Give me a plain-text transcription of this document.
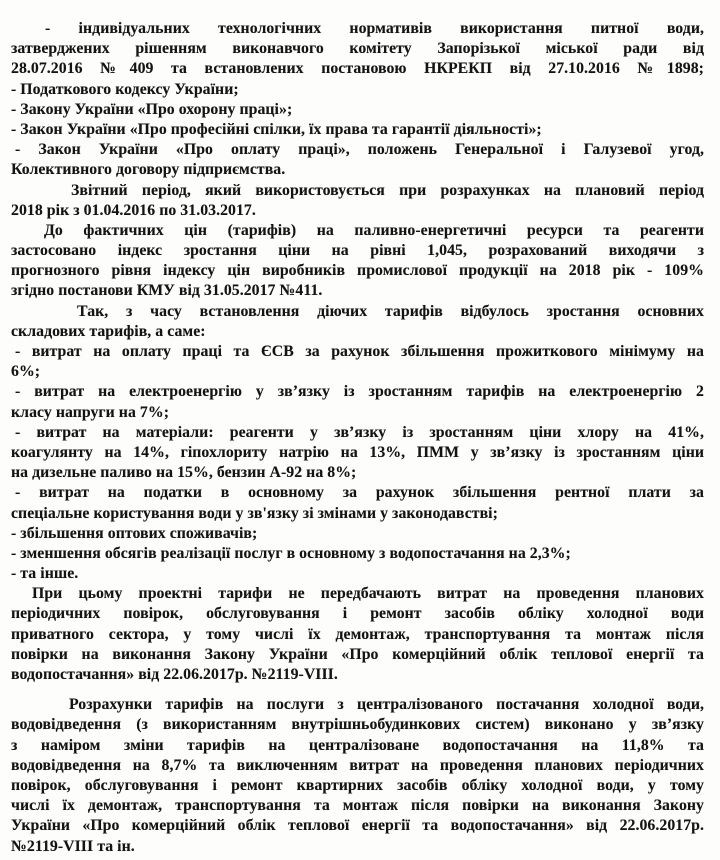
- індивідуальних технологічних нормативів використання питної води,
затверджених рішенням виконавчого комітету Запорізької міської ради від
28.07.2016 №409 та встановлених постановою НКРЕКП від 27.10.2016 №1898;
- Податкового кодексу України;
- Закону України «Про охорону праці»;
- Закон України «Про професійні спілки, їх права та гарантії діяльності»;
- Закон України «Про оплату праці», положень Генеральної і Галузевої угод,
Колективного договору підприємства.
Звітний період, який використовується при розрахунках на плановий період
2018 рік з 01.04.2016 по 31.03.2017.
До фактичних цін (тарифів) на паливно-енергетичні ресурси та реагенти
застосовано індекс зростання ціни на рівні 1,045, розрахований виходячи з
прогнозного рівня індексу цін виробників промислової продукції на 2018 рік - 109%
згідно постанови КМУ від 31.05.2017 №411.
Так, з часу встановлення діючих тарифів відбулось зростання основних
складових тарифів, а саме:
- витрат на оплату праці та ЄСВ за рахунок збільшення прожиткового мінімуму на
6%;
- витрат на електроенергію у зв’язку із зростанням тарифів на електроенергію 2
класу напруги на 7%;
- витрат на матеріали: реагенти у зв’язку із зростанням ціни хлору на 41%,
коагулянту на 14%, гіпохлориту натрію на 13%, ПММ у зв’язку із зростанням ціни
на дизельне паливо на 15%, бензин А-92 на 8%;
- витрат на податки в основному за рахунок збільшення рентної плати за
спеціальне користування води у зв'язку зі змінами у законодавстві;
- збільшення оптових споживачів;
- зменшення обсягів реалізації послуг в основному з водопостачання на 2,3%;
- та інше.
При цьому проектні тарифи не передбачають витрат на проведення планових
періодичних повірок, обслуговування і ремонт засобів обліку холодної води
приватного сектора, у тому числі їх демонтаж, транспортування та монтаж після
повірки на виконання Закону України «Про комерційний облік теплової енергії та
водопостачання» від 22.06.2017р. №2119-VIII.
Розрахунки тарифів на послуги з централізованого постачання холодної води,
водовідведення (з використанням внутрішньобудинкових систем) виконано у зв’язку
з наміром зміни тарифів на централізоване водопостачання на 11,8% та
водовідведення на 8,7% та виключенням витрат на проведення планових періодичних
повірок, обслуговування і ремонт квартирних засобів обліку холодної води, у тому
числі їх демонтаж, транспортування та монтаж після повірки на виконання Закону
України «Про комерційний облік теплової енергії та водопостачання» від 22.06.2017р.
№2119-VIII та ін.
